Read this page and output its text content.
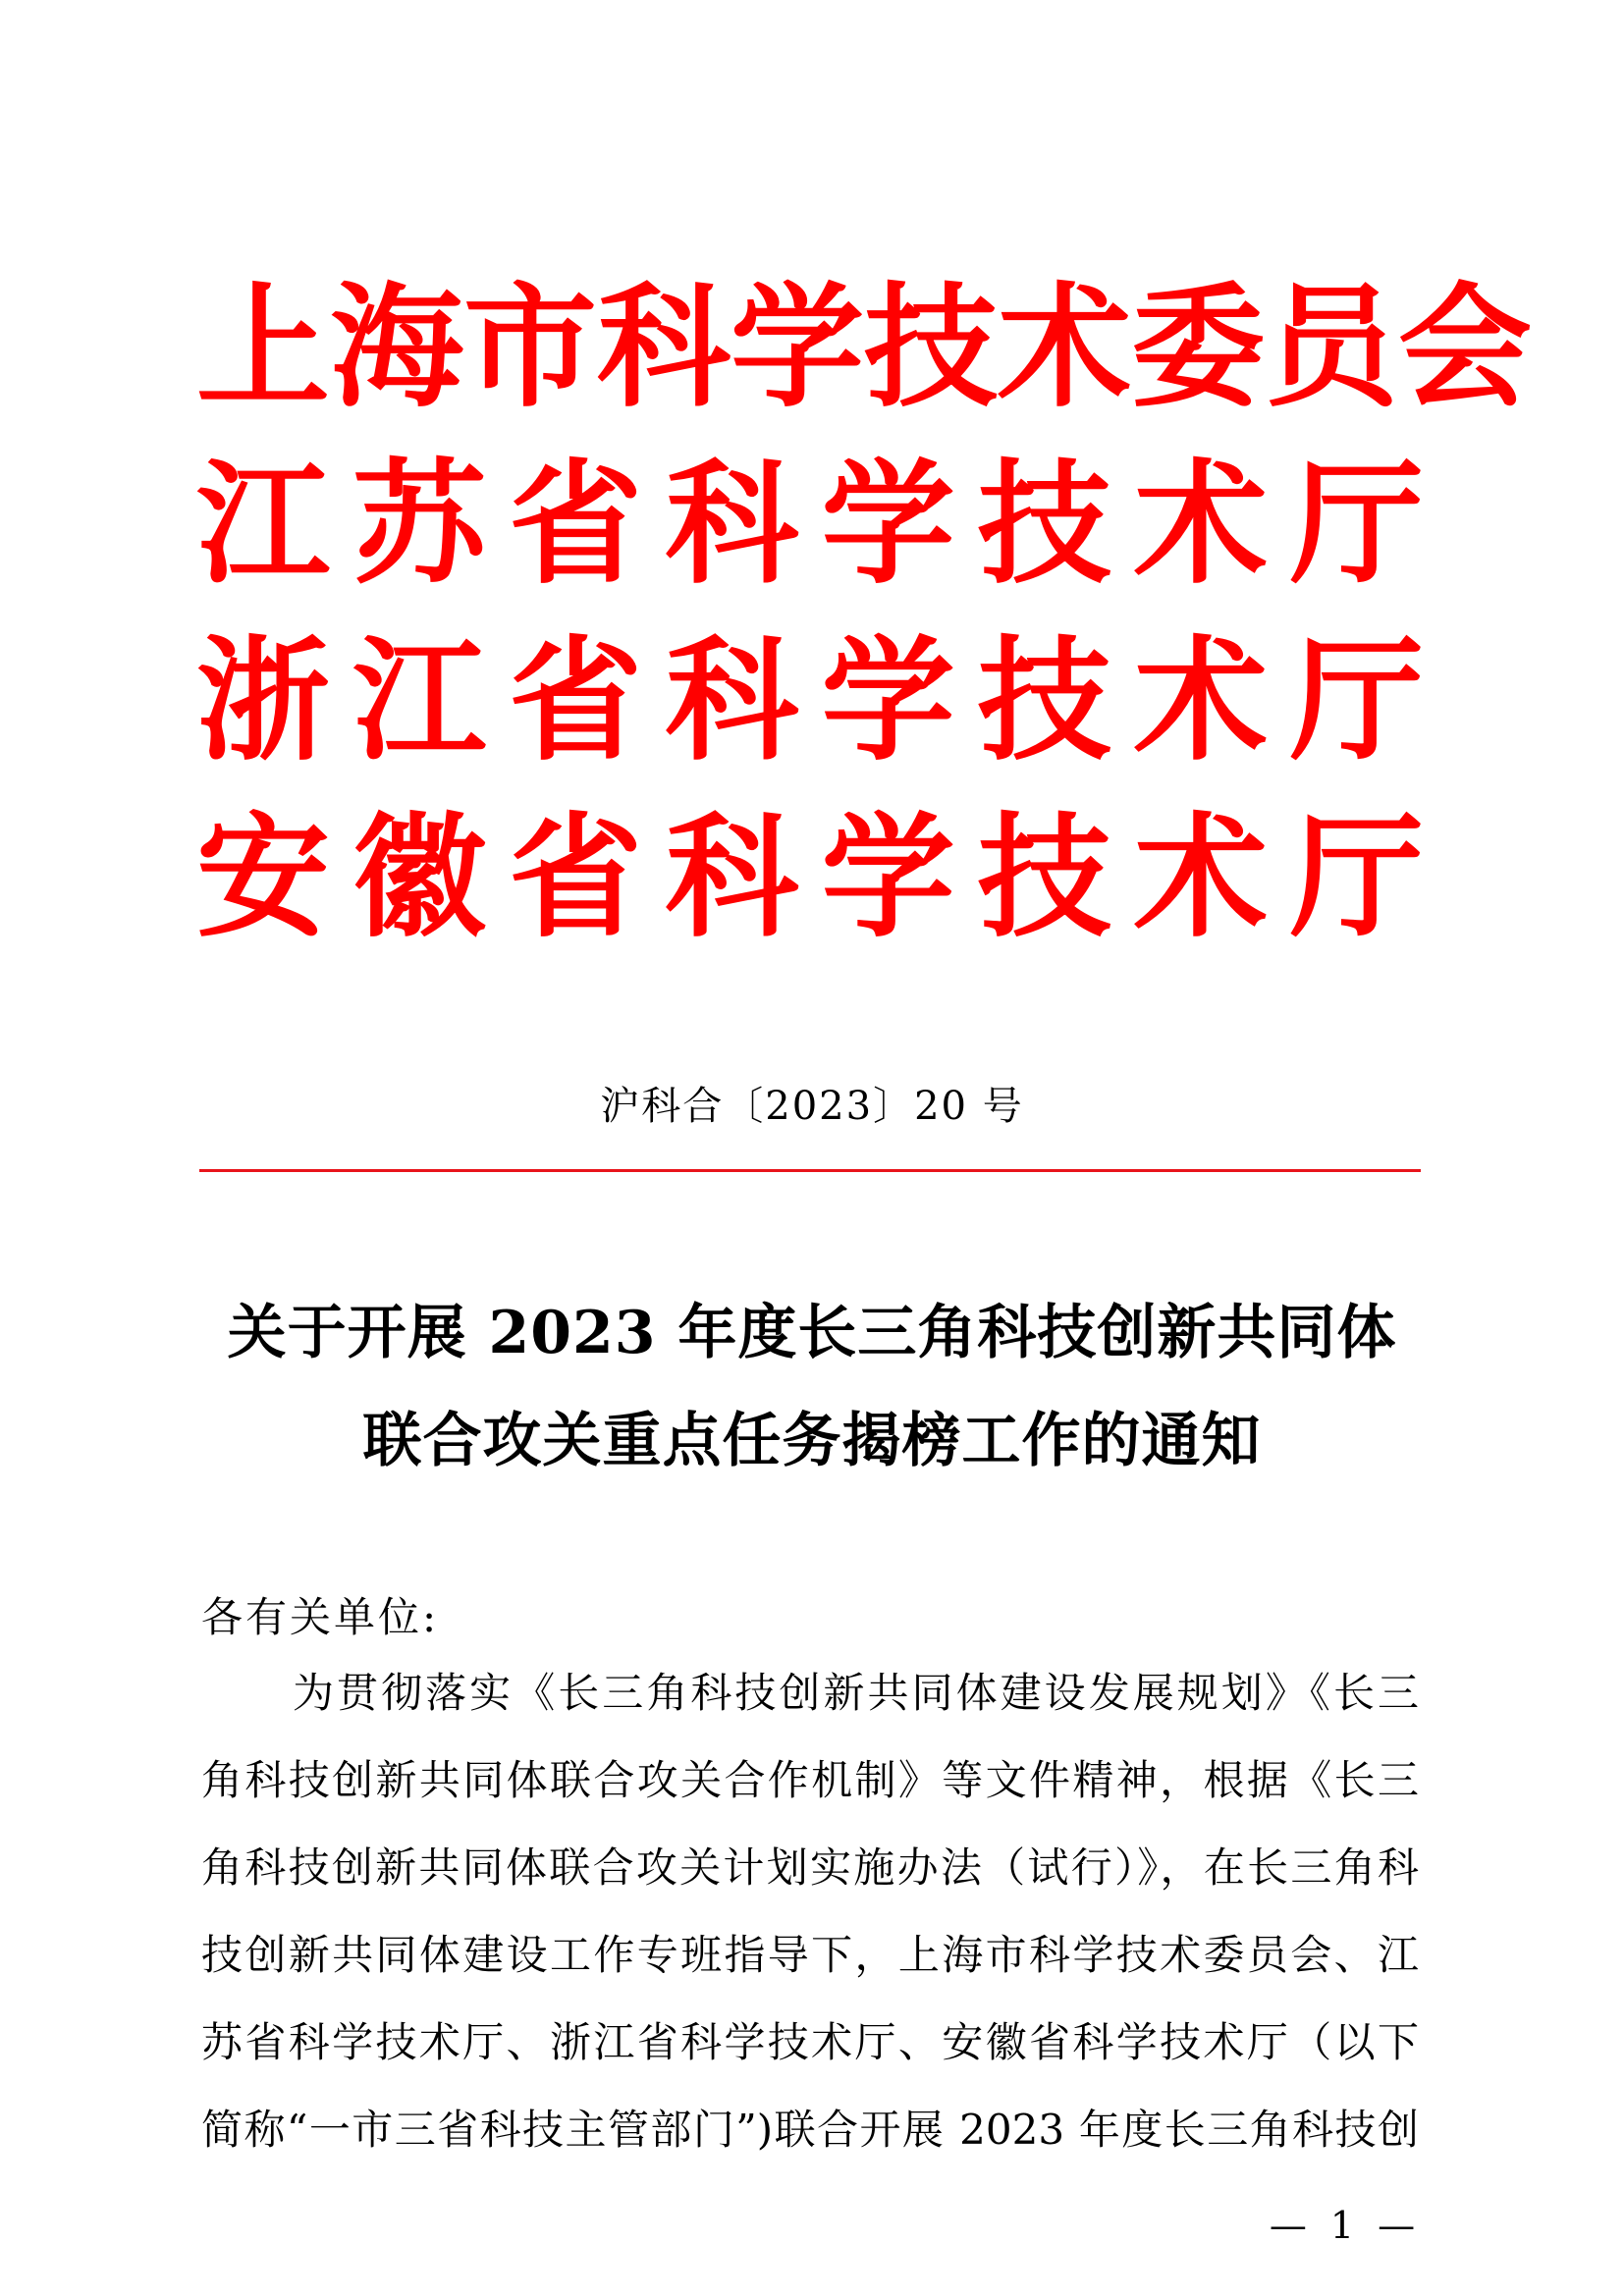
上 海 市 科 学 技 术 委 员 会
江 苏 省 科 学 技 术 厅
浙 江 省 科 学 技 术 厅
安 徽 省 科 学 技 术 厅
沪科合〔2023〕20 号
关于开展 2023 年度长三角科技创新共同体
联合攻关重点任务揭榜工作的通知
各有关单位:
为贯彻落实《长三角科技创新共同体建设发展规划》《长三
角科技创新共同体联合攻关合作机制》等文件精神，根据《长三
角科技创新共同体联合攻关计划实施办法（试行）》，在长三角科
技创新共同体建设工作专班指导下，上海市科学技术委员会、江
苏省科学技术厅、浙江省科学技术厅、安徽省科学技术厅（以下
简称“一市三省科技主管部门”)联合开展 2023 年度长三角科技创
— 1 —
